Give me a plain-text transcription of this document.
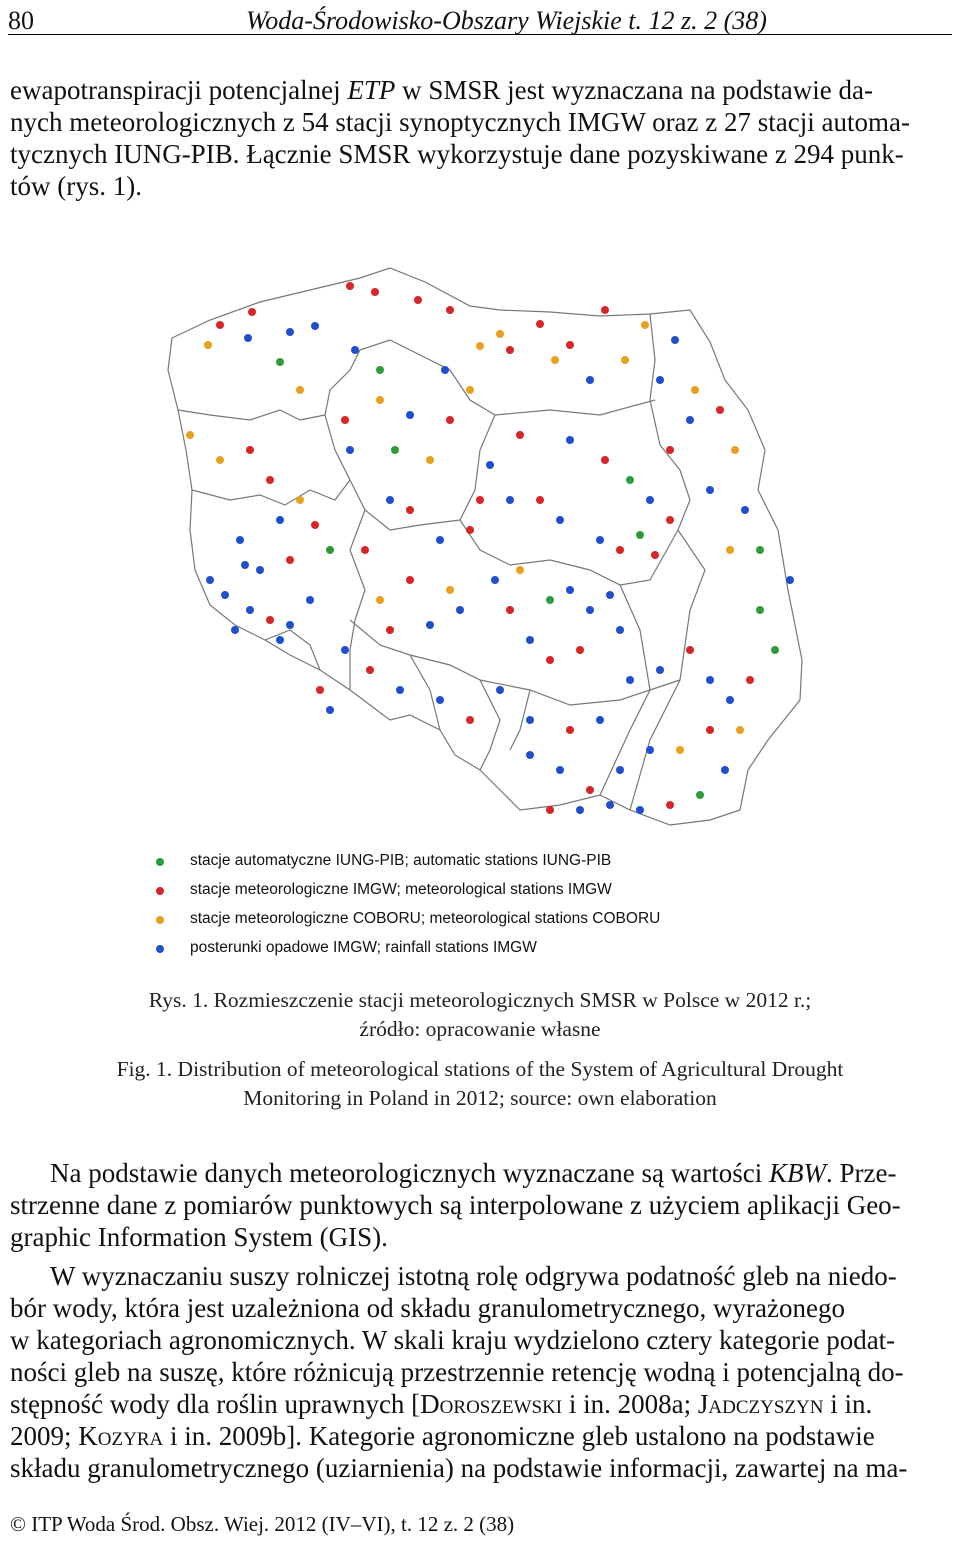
80	Woda-Środowisko-Obszary Wiejskie t. 12 z. 2 (38)

ewapotranspiracji potencjalnej ETP w SMSR jest wyznaczana na podstawie da-

nych meteorologicznych z 54 stacji synoptycznych IMGW oraz z 27 stacji automa-

tycznych IUNG-PIB. Łącznie SMSR wykorzystuje dane pozyskiwane z 294 punk-

tów (rys. 1).

stacje automatyczne IUNG-PIB; automatic stations IUNG-PIB
stacje meteorologiczne IMGW; meteorological stations IMGW
stacje meteorologiczne COBORU; meteorological stations COBORU
posterunki opadowe IMGW; rainfall stations IMGW
Rys. 1. Rozmieszczenie stacji meteorologicznych SMSR w Polsce w 2012 r.;
źródło: opracowanie własne
Fig. 1. Distribution of meteorological stations of the System of Agricultural Drought
Monitoring in Poland in 2012; source: own elaboration

Na podstawie danych meteorologicznych wyznaczane są wartości KBW. Prze-

strzenne dane z pomiarów punktowych są interpolowane z użyciem aplikacji Geo-

graphic Information System (GIS).

W wyznaczaniu suszy rolniczej istotną rolę odgrywa podatność gleb na niedo-

bór wody, która jest uzależniona od składu granulometrycznego, wyrażonego

w kategoriach agronomicznych. W skali kraju wydzielono cztery kategorie podat-

ności gleb na suszę, które różnicują przestrzennie retencję wodną i potencjalną do-

stępność wody dla roślin uprawnych [Doroszewski i in. 2008a; Jadczyszyn i in.

2009; Kozyra i in. 2009b]. Kategorie agronomiczne gleb ustalono na podstawie

składu granulometrycznego (uziarnienia) na podstawie informacji, zawartej na ma-

© ITP Woda Środ. Obsz. Wiej. 2012 (IV–VI), t. 12 z. 2 (38)
